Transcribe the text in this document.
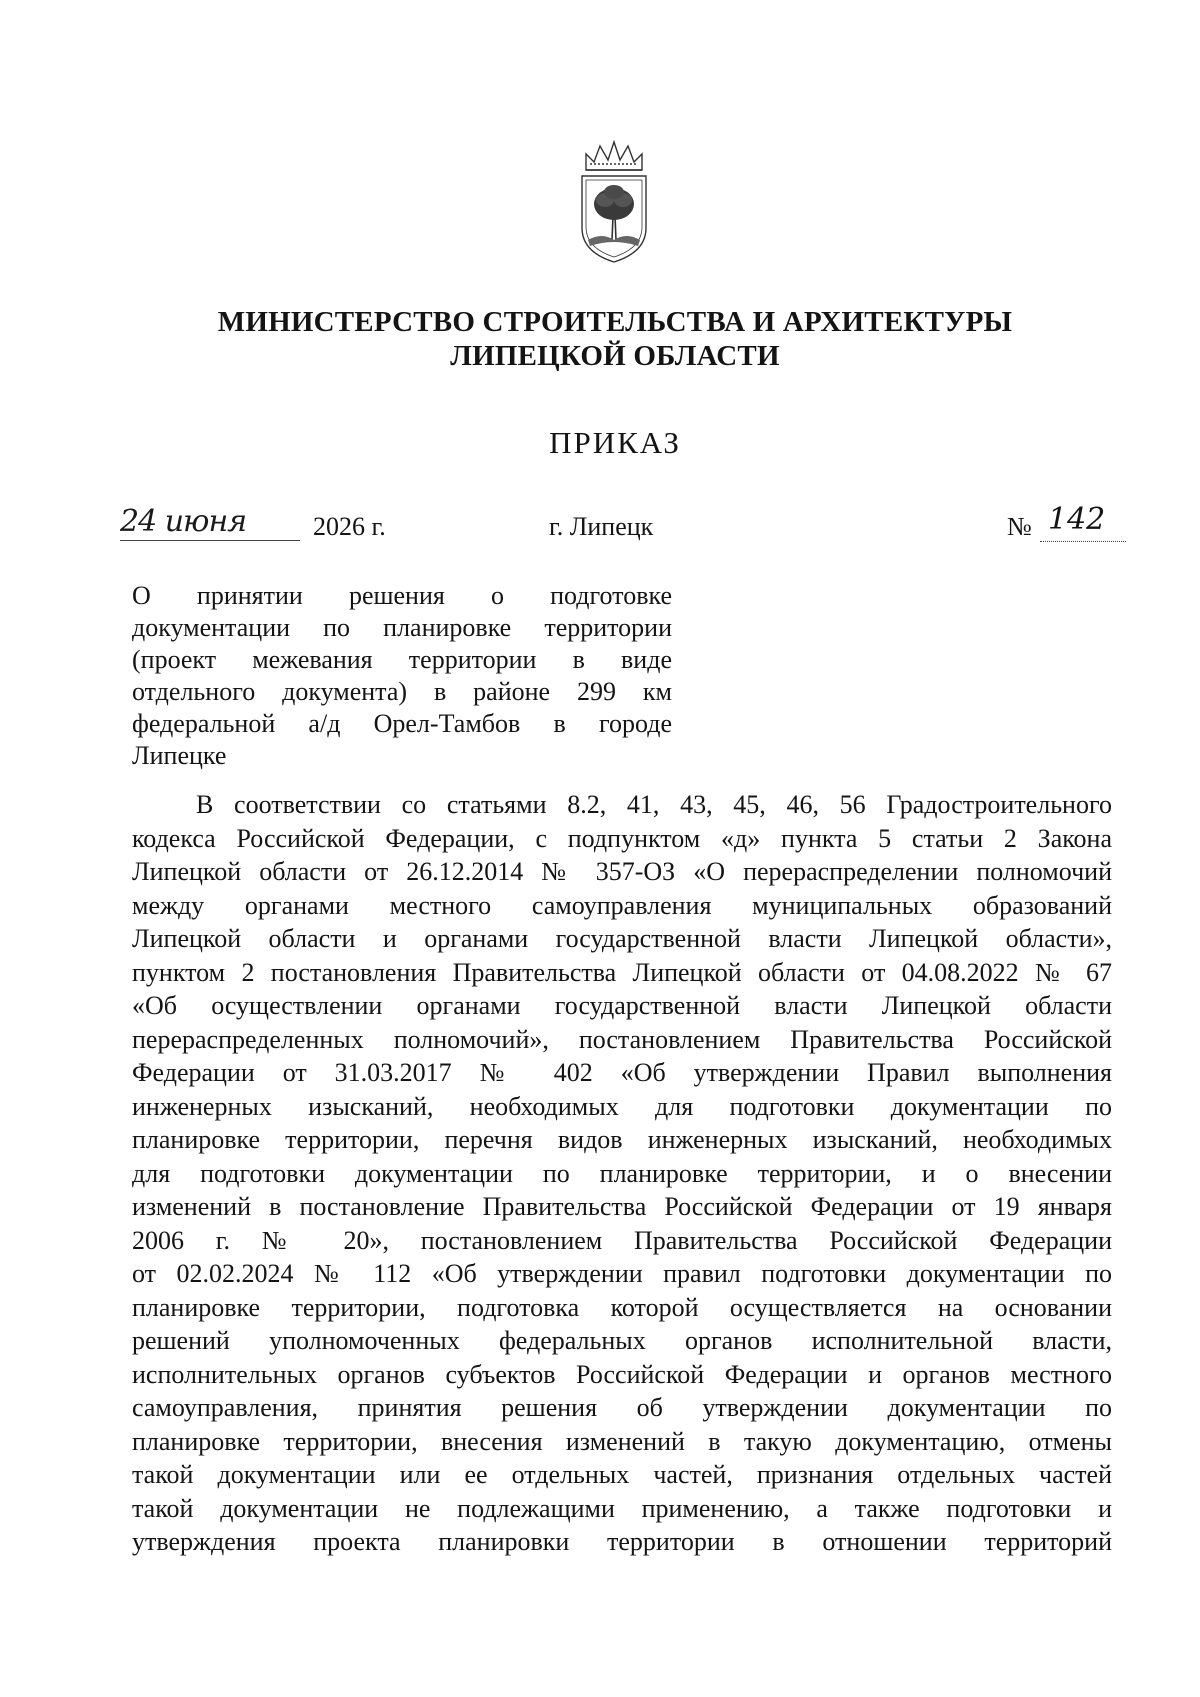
МИНИСТЕРСТВО СТРОИТЕЛЬСТВА И АРХИТЕКТУРЫ
ЛИПЕЦКОЙ ОБЛАСТИ
ПРИКАЗ
24 июня	2026 г.	г. Липецк	№ 142
О принятии решения о подготовке
документации по планировке территории
(проект межевания территории в виде
отдельного документа) в районе 299 км
федеральной а/д Орел-Тамбов в городе
Липецке
В соответствии со статьями 8.2, 41, 43, 45, 46, 56 Градостроительного
кодекса Российской Федерации, с подпунктом «д» пункта 5 статьи 2 Закона
Липецкой области от 26.12.2014 № 357-ОЗ «О перераспределении полномочий
между органами местного самоуправления муниципальных образований
Липецкой области и органами государственной власти Липецкой области»,
пунктом 2 постановления Правительства Липецкой области от 04.08.2022 № 67
«Об осуществлении органами государственной власти Липецкой области
перераспределенных полномочий», постановлением Правительства Российской
Федерации от 31.03.2017 № 402 «Об утверждении Правил выполнения
инженерных изысканий, необходимых для подготовки документации по
планировке территории, перечня видов инженерных изысканий, необходимых
для подготовки документации по планировке территории, и о внесении
изменений в постановление Правительства Российской Федерации от 19 января
2006 г. № 20», постановлением Правительства Российской Федерации
от 02.02.2024 № 112 «Об утверждении правил подготовки документации по
планировке территории, подготовка которой осуществляется на основании
решений уполномоченных федеральных органов исполнительной власти,
исполнительных органов субъектов Российской Федерации и органов местного
самоуправления, принятия решения об утверждении документации по
планировке территории, внесения изменений в такую документацию, отмены
такой документации или ее отдельных частей, признания отдельных частей
такой документации не подлежащими применению, а также подготовки и
утверждения проекта планировки территории в отношении территорий
